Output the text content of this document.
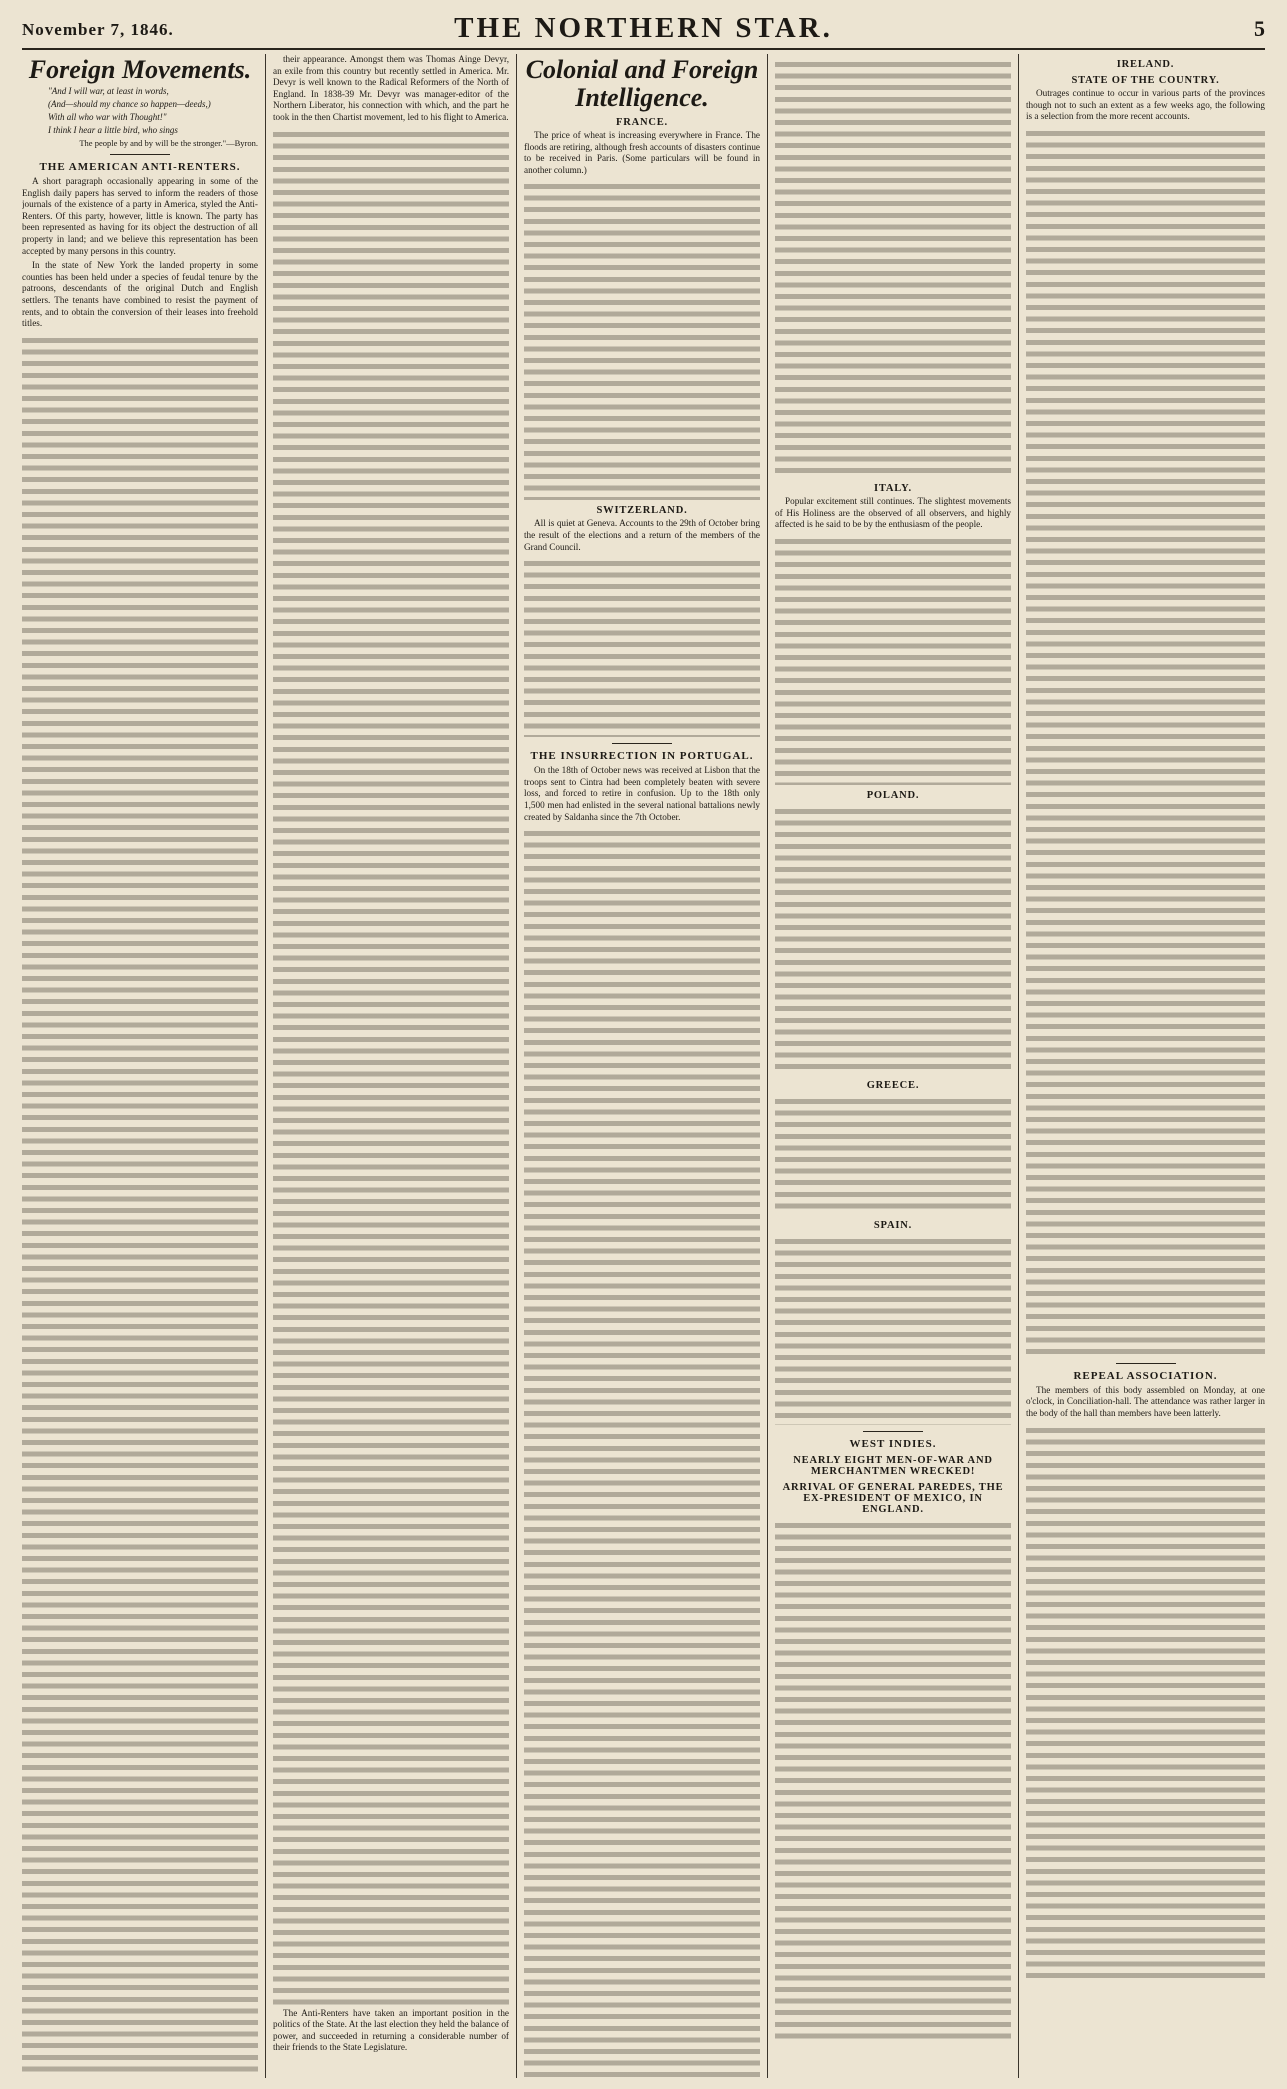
November 7, 1846.	THE NORTHERN STAR.	5
Foreign Movements.
"And I will war, at least in words,
(And—should my chance so happen—deeds,)
With all who war with Thought!"
I think I hear a little bird, who sings
The people by and by will be the stronger."—Byron.
THE AMERICAN ANTI-RENTERS.

A short paragraph occasionally appearing in some of the English daily papers has served to inform the readers of those journals of the existence of a party in America, styled the Anti-Renters. Of this party, however, little is known. The party has been represented as having for its object the destruction of all property in land; and we believe this representation has been accepted by many persons in this country.

In the state of New York the landed property in some counties has been held under a species of feudal tenure by the patroons, descendants of the original Dutch and English settlers. The tenants have combined to resist the payment of rents, and to obtain the conversion of their leases into freehold titles.

their appearance. Amongst them was Thomas Ainge Devyr, an exile from this country but recently settled in America. Mr. Devyr is well known to the Radical Reformers of the North of England. In 1838-39 Mr. Devyr was manager-editor of the Northern Liberator, his connection with which, and the part he took in the then Chartist movement, led to his flight to America.

The Anti-Renters have taken an important position in the politics of the State. At the last election they held the balance of power, and succeeded in returning a considerable number of their friends to the State Legislature.

Colonial and Foreign Intelligence.
FRANCE.

The price of wheat is increasing everywhere in France. The floods are retiring, although fresh accounts of disasters continue to be received in Paris. (Some particulars will be found in another column.)

SWITZERLAND.

All is quiet at Geneva. Accounts to the 29th of October bring the result of the elections and a return of the members of the Grand Council.

THE INSURRECTION IN PORTUGAL.

On the 18th of October news was received at Lisbon that the troops sent to Cintra had been completely beaten with severe loss, and forced to retire in confusion. Up to the 18th only 1,500 men had enlisted in the several national battalions newly created by Saldanha since the 7th October.

ITALY.

Popular excitement still continues. The slightest movements of His Holiness are the observed of all observers, and highly affected is he said to be by the enthusiasm of the people.

POLAND.
GREECE.
SPAIN.
WEST INDIES.
NEARLY EIGHT MEN-OF-WAR AND MERCHANTMEN WRECKED!
ARRIVAL OF GENERAL PAREDES, THE EX-PRESIDENT OF MEXICO, IN ENGLAND.
IRELAND.
STATE OF THE COUNTRY.

Outrages continue to occur in various parts of the provinces though not to such an extent as a few weeks ago, the following is a selection from the more recent accounts.

REPEAL ASSOCIATION.

The members of this body assembled on Monday, at one o'clock, in Conciliation-hall. The attendance was rather larger in the body of the hall than members have been latterly.
